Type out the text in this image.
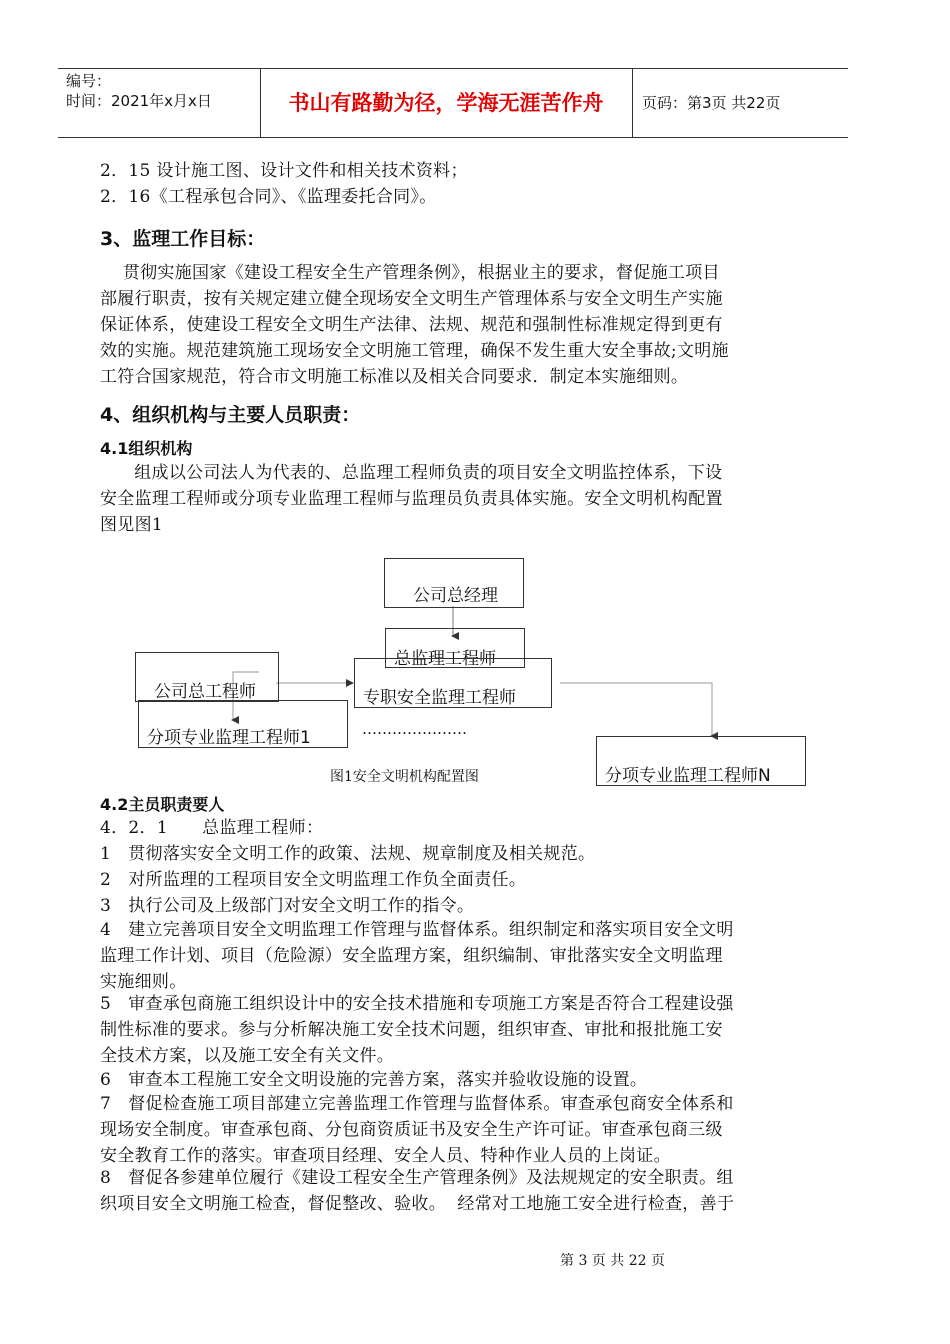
编号：
时间：2021年x月x日	书山有路勤为径，学海无涯苦作舟	页码：第3页 共22页

2．15 设计施工图、设计文件和相关技术资料；

2．16《工程承包合同》、《监理委托合同》。

3、监理工作目标：

贯彻实施国家《建设工程安全生产管理条例》，根据业主的要求，督促施工项目

部履行职责，按有关规定建立健全现场安全文明生产管理体系与安全文明生产实施

保证体系，使建设工程安全文明生产法律、法规、规范和强制性标准规定得到更有

效的实施。规范建筑施工现场安全文明施工管理，确保不发生重大安全事故;文明施

工符合国家规范，符合市文明施工标准以及相关合同要求．制定本实施细则。

4、组织机构与主要人员职责：
4.1组织机构

组成以公司法人为代表的、总监理工程师负责的项目安全文明监控体系，下设

安全监理工程师或分项专业监理工程师与监理员负责具体实施。安全文明机构配置

图见图1

公司总经理
总监理工程师
公司总工程师	专职安全监理工程师
分项专业监理工程师1	…………………
分项专业监理工程师N
图1安全文明机构配置图
4.2主员职责要人

4．2．1      总监理工程师：

1   贯彻落实安全文明工作的政策、法规、规章制度及相关规范。

2   对所监理的工程项目安全文明监理工作负全面责任。

3   执行公司及上级部门对安全文明工作的指令。

4   建立完善项目安全文明监理工作管理与监督体系。组织制定和落实项目安全文明

监理工作计划、项目（危险源）安全监理方案，组织编制、审批落实安全文明监理

实施细则。

5   审查承包商施工组织设计中的安全技术措施和专项施工方案是否符合工程建设强

制性标准的要求。参与分析解决施工安全技术问题，组织审查、审批和报批施工安

全技术方案，以及施工安全有关文件。

6   审查本工程施工安全文明设施的完善方案，落实并验收设施的设置。

7   督促检查施工项目部建立完善监理工作管理与监督体系。审查承包商安全体系和

现场安全制度。审查承包商、分包商资质证书及安全生产许可证。审查承包商三级

安全教育工作的落实。审查项目经理、安全人员、特种作业人员的上岗证。

8   督促各参建单位履行《建设工程安全生产管理条例》及法规规定的安全职责。组

织项目安全文明施工检查，督促整改、验收。  经常对工地施工安全进行检查，善于

第 3 页 共 22 页
